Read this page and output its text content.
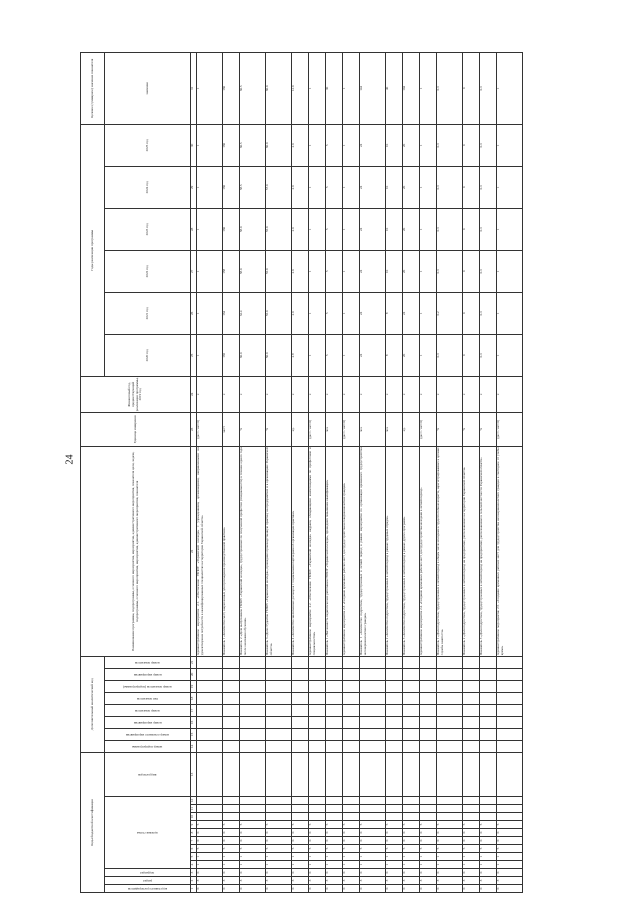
24
Коды бюджетной классификации													Дополнительный аналитический код								Наименование программы, подпрограммы, основного мероприятия, мероприятия, административного мероприятия, показателя цели, задачи, подпрограммы, основного мероприятия, мероприятия, административного мероприятия, показателя	Единица измерения	Финансовый год, предшествующий реализации программы, 2019 год	Годы реализации программы						Целевое (суммарное) значение показателя

код главного распорядителя	раздел	подраздел	целевая статья									вид расходов	номер подпрограммы	номер основного мероприятия	номер мероприятия	номер показателя	тип показателя	номер показателя (подпрограммы)	номер мероприятия	номер показателя				2020 год	2021 год	2022 год	2023 год	2024 год	2025 год	значение
1	2	3	4	5	6	7	8	9	10	11	12	13	14	15	16	17	18	19	20	21	22	23	24	25	26	27	28	29	30	31
0	3	0	1	1	5	0	0	5													Административное мероприятие 2.1. «Обеспечение ГБПОУ «Украинский колледж» с учреждениями, организациями, направленными на удовлетворение потребности в квалифицированных специалистах на территории Украинской области»	(да=1 / нет=0)	х	1	1	1	1	1	1	1
0	3	0	1	1	5	0	0	5													Показатель 1 «Количество мест, закрепленных для прохождения производственной практики»	мест	х	166	164	158	160	160	160	160
0	3	0	1	1	5	0	0	5													Показатель 2 «Доля выпускников ГБПОУ «Украинский колледж», трудоустроенных по полученной профессии (специальности) в течение одного года после окончания обучения»	%	х	60.0	62.4	58.0	58.0	58.5	60.5	60.5
0	3	0	1	1	5	0	0	5													Показатель 3 «Доля студентов ГБПОУ «Украинский колледж», прошедших производственную практику на предприятиях и в организациях Украинской области»	%	х	50.0	55.0	55.0	55.0	57.0	60.0	60.0
0	3	0	1	1	5	0	0	5													Показатель 4 «Количество заключенных договоров с социальными партнерами об организации практики»	ед.	х	2.8	2.0	2.0	2.0	2.0	2.0	12.0
0	3	0	1	1	5	0	0	5													Административное мероприятие 2.2. «Обеспечение ГБПОУ «Украинский колледж» кадрами, обладающими компетенциями по профессиям и специальностям»	(да=1 / нет=0)	х	1	1	1	1	1	1	1
0	3	0	1	1	5	0	0	5													Показатель 1 «Численность педагогических работников ГБПОУ «Украинский колледж», прошедших повышение квалификации»	чел.	х	5	5	5	5	5	5	30
0	3	0	1	1	5	0	0	5													Административное мероприятие 2.3. «Создание временных рабочих мест для трудоустройства несовершеннолетних граждан»	(да=1 / нет=0)	х	1	1	1	1	1	1	1
0	3	0	1	1	5	0	0	5													Показатель 1 «Количество подростков, трудоустроенных в летний период в рамках мероприятия по организации временного трудоустройства несовершеннолетних граждан»	чел.	х	24	24	24	24	24	24	144
0	3	0	1	1	5	0	0	5													Показатель 2 «Количество подростков, трудоустроенных в летний период в рамках трудовых отрядов»	чел.	х	8	8	10	10	10	10	40
0	3	0	1	1	5	0	0	5													Показатель 3 «Количество подростков, трудоустроенных в летний период в рамках других программ»	ед.	х	20	24	20	20	20	20	104
0	3	0	1	1	5	0	0	5													Административное мероприятие 2.4. «Создание временных рабочих мест для трудоустройства молодежи в летний период»	(да=1 / нет=0)	х	1	1	1	1	1	1	1
0	3	0	1	1	5	0	0	5													Показатель 1 «Доля подростков, трудоустроенных в летний период в общем числе молодежи в трудоспособном возрасте, зарегистрированных в органах службы занятости»	%	х	0.3	0.2	0.3	0.3	0.3	0.3	0.3
0	3	0	1	1	5	0	0	5													Показатель 2 «Доля подростков, трудоустроенных в летний период на предприятиях, расположенных на территории Украинской области»	%	х	0	0	0	0	0	0	0
0	3	0	1	1	5	0	0	5													Показатель 3 «Доля подростков, трудоустроенных в летний период на предприятиях, расположенных в сельской местности Украинской области»	%	х	0.3	0.3	0.3	0.3	0.3	0.3	0.3
0	3	0	1	1	5	0	0	5													Административное мероприятие 2.5. «Создание временных рабочих мест для трудоустройства несовершеннолетних граждан в свободное от учебы время»	(да=1 / нет=0)	х	1	1	1	1	1	1	1
